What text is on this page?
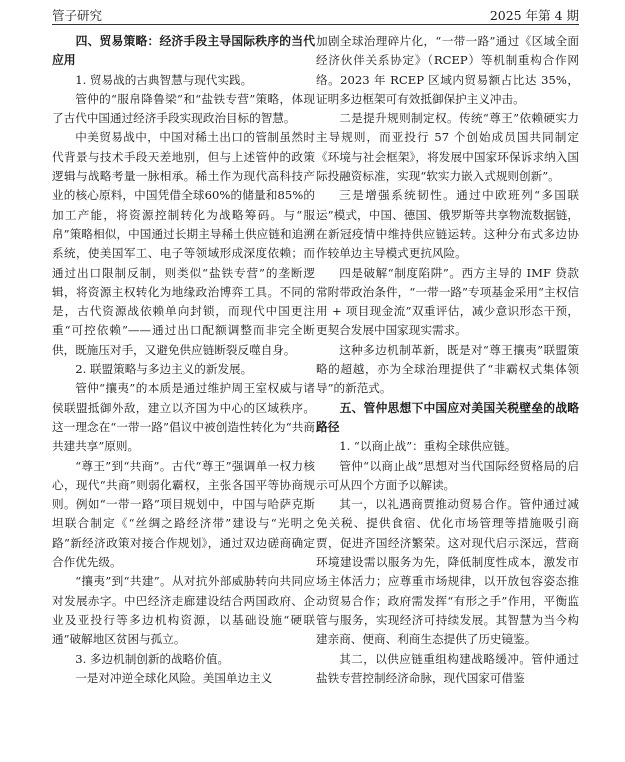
管子研究	2025 年第 4 期
四、贸易策略：经济手段主导国际秩序的当代应用
1. 贸易战的古典智慧与现代实践。

管仲的“服帛降鲁梁”和“盐铁专营”策略，体现了古代中国通过经济手段实现政治目标的智慧。

中美贸易战中，中国对稀土出口的管制虽然时代背景与技术手段天差地别，但与上述管仲的政策逻辑与战略考量一脉相承。稀土作为现代高科技产业的核心原料，中国凭借全球60%的储量和85%的加工产能，将资源控制转化为战略筹码。与“服帛”策略相似，中国通过长期主导稀土供应链和追溯系统，使美国军工、电子等领域形成深度依赖；而通过出口限制反制，则类似“盐铁专营”的垄断逻辑，将资源主权转化为地缘政治博弈工具。不同的是，古代资源战依赖单向封锁，而现代中国更注重“可控依赖”——通过出口配额调整而非完全断供，既施压对手，又避免供应链断裂反噬自身。

2. 联盟策略与多边主义的新发展。

管仲“攘夷”的本质是通过维护周王室权威与诸侯联盟抵御外敌，建立以齐国为中心的区域秩序。这一理念在“一带一路”倡议中被创造性转化为“共商共建共享”原则。

“尊王”到“共商”。古代“尊王”强调单一权力核心，现代“共商”则弱化霸权，主张各国平等协商规则。例如“一带一路”项目规划中，中国与哈萨克斯坦联合制定《“丝绸之路经济带”建设与“光明之路”新经济政策对接合作规划》，通过双边磋商确定合作优先级。

“攘夷”到“共建”。从对抗外部威胁转向共同应对发展赤字。中巴经济走廊建设结合两国政府、企业及亚投行等多边机构资源，以基础设施“硬联通”破解地区贫困与孤立。

3. 多边机制创新的战略价值。

一是对冲逆全球化风险。美国单边主义

加剧全球治理碎片化，“一带一路”通过《区域全面经济伙伴关系协定》（RCEP）等机制重构合作网络。2023 年 RCEP 区域内贸易额占比达 35%，证明多边框架可有效抵御保护主义冲击。

二是提升规则制定权。传统“尊王”依赖硬实力主导规则，而亚投行 57 个创始成员国共同制定《环境与社会框架》，将发展中国家环保诉求纳入国际投融资标准，实现“软实力嵌入式规则创新”。

三是增强系统韧性。通过中欧班列“多国联运”模式，中国、德国、俄罗斯等共享物流数据链，在新冠疫情中维持供应链运转。这种分布式多边协作较单边主导模式更抗风险。

四是破解“制度陷阱”。西方主导的 IMF 贷款常附带政治条件，“一带一路”专项基金采用“主权信用 + 项目现金流”双重评估，减少意识形态干预，更契合发展中国家现实需求。

这种多边机制革新，既是对“尊王攘夷”联盟策略的超越，亦为全球治理提供了“非霸权式集体领导”的新范式。

五、管仲思想下中国应对美国关税壁垒的战略路径
1. “以商止战”：重构全球供应链。

管仲“以商止战”思想对当代国际经贸格局的启示可从四个方面予以解读。

其一，以礼遇商贾推动贸易合作。管仲通过减免关税、提供食宿、优化市场管理等措施吸引商贾，促进齐国经济繁荣。这对现代启示深远，营商环境建设需以服务为先，降低制度性成本，激发市场主体活力；应尊重市场规律，以开放包容姿态推动贸易合作；政府需发挥“有形之手”作用，平衡监管与服务，实现经济可持续发展。其智慧为当今构建亲商、便商、利商生态提供了历史镜鉴。

其二，以供应链重组构建战略缓冲。管仲通过盐铁专营控制经济命脉，现代国家可借鉴
